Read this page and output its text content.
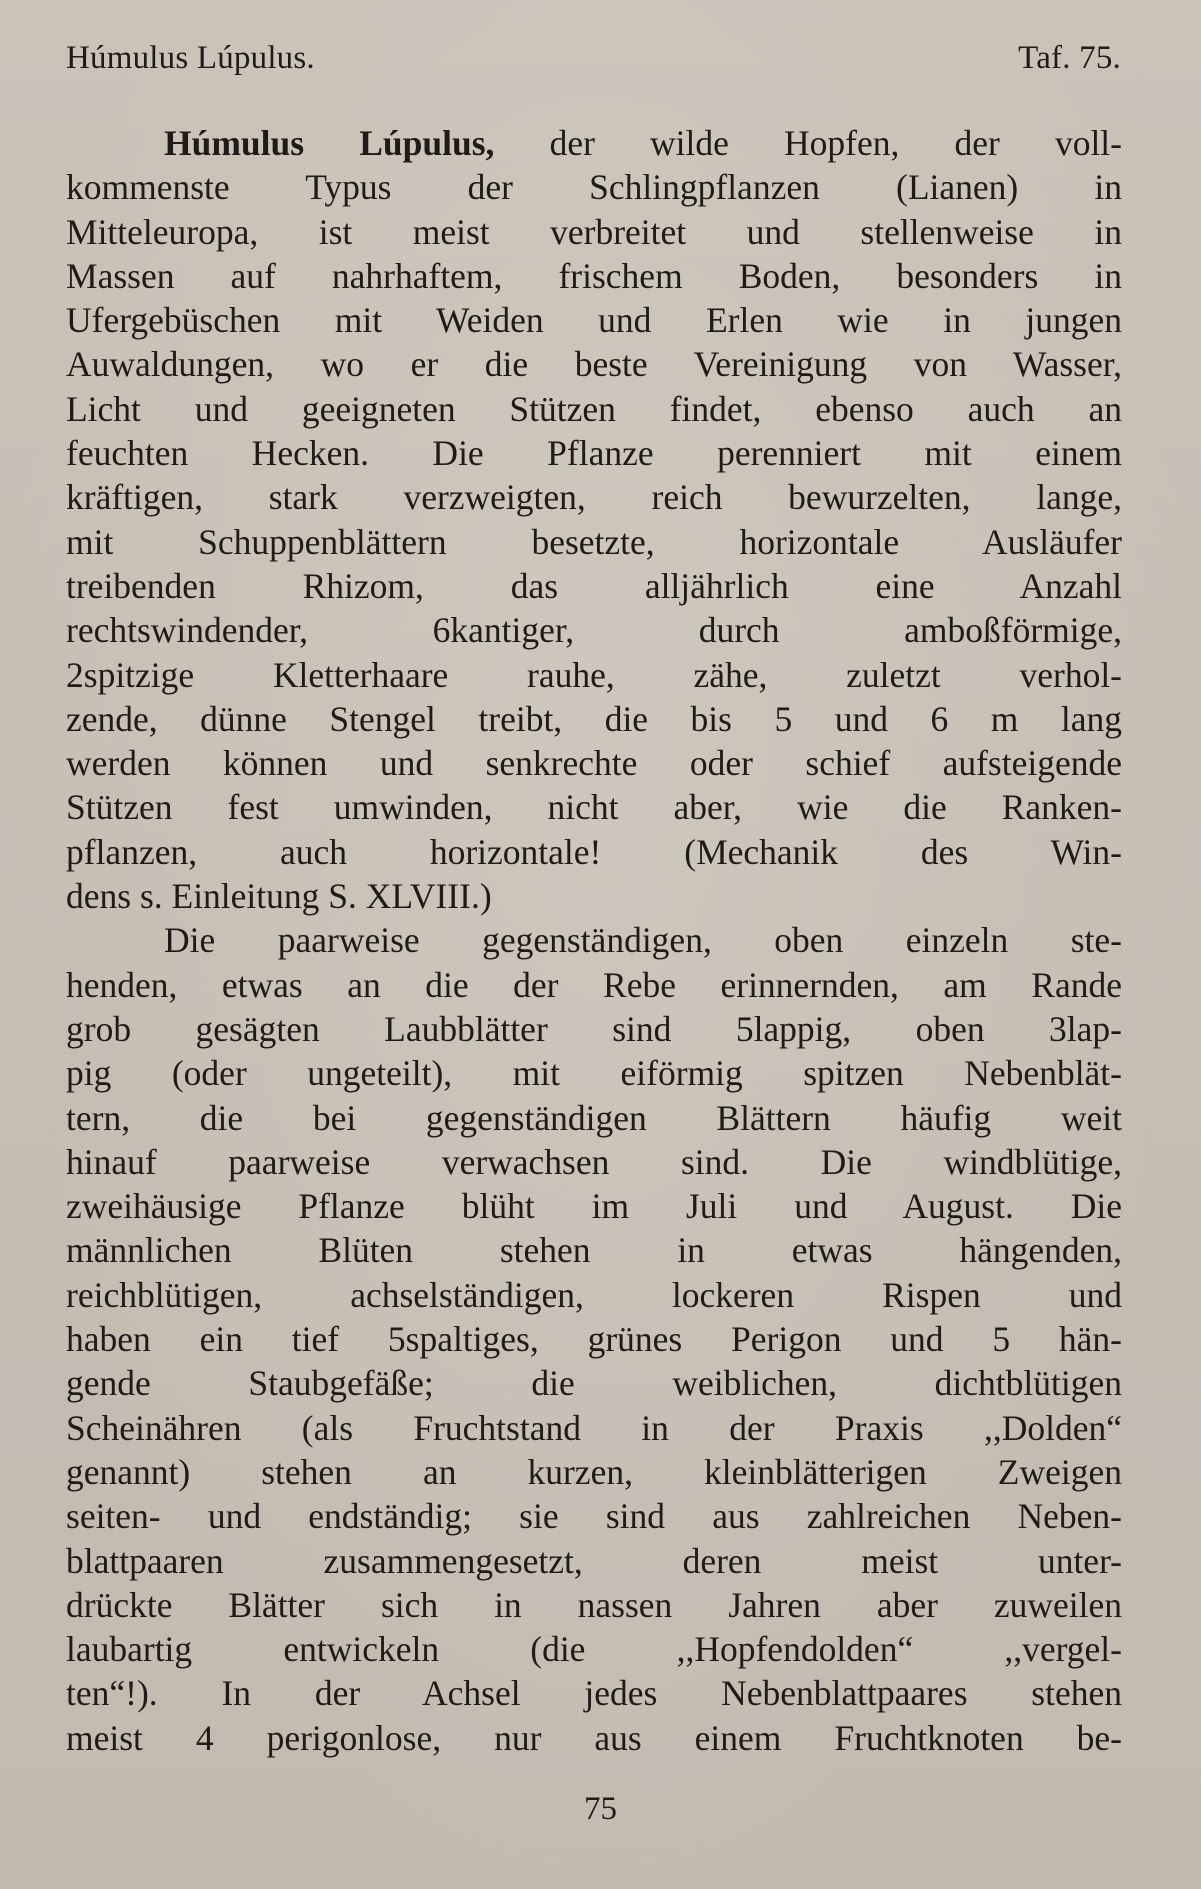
Húmulus Lúpulus.	Taf. 75.
Húmulus Lúpulus, der wilde Hopfen, der voll-
kommenste Typus der Schlingpflanzen (Lianen) in
Mitteleuropa, ist meist verbreitet und stellenweise in
Massen auf nahrhaftem, frischem Boden, besonders in
Ufergebüschen mit Weiden und Erlen wie in jungen
Auwaldungen, wo er die beste Vereinigung von Wasser,
Licht und geeigneten Stützen findet, ebenso auch an
feuchten Hecken. Die Pflanze perenniert mit einem
kräftigen, stark verzweigten, reich bewurzelten, lange,
mit Schuppenblättern besetzte, horizontale Ausläufer
treibenden Rhizom, das alljährlich eine Anzahl
rechtswindender, 6kantiger, durch amboßförmige,
2spitzige Kletterhaare rauhe, zähe, zuletzt verhol-
zende, dünne Stengel treibt, die bis 5 und 6 m lang
werden können und senkrechte oder schief aufsteigende
Stützen fest umwinden, nicht aber, wie die Ranken-
pflanzen, auch horizontale! (Mechanik des Win-
dens s. Einleitung S. XLVIII.)
Die paarweise gegenständigen, oben einzeln ste-
henden, etwas an die der Rebe erinnernden, am Rande
grob gesägten Laubblätter sind 5lappig, oben 3lap-
pig (oder ungeteilt), mit eiförmig spitzen Nebenblät-
tern, die bei gegenständigen Blättern häufig weit
hinauf paarweise verwachsen sind. Die windblütige,
zweihäusige Pflanze blüht im Juli und August. Die
männlichen Blüten stehen in etwas hängenden,
reichblütigen, achselständigen, lockeren Rispen und
haben ein tief 5spaltiges, grünes Perigon und 5 hän-
gende Staubgefäße; die weiblichen, dichtblütigen
Scheinähren (als Fruchtstand in der Praxis ,,Dolden“
genannt) stehen an kurzen, kleinblätterigen Zweigen
seiten- und endständig; sie sind aus zahlreichen Neben-
blattpaaren zusammengesetzt, deren meist unter-
drückte Blätter sich in nassen Jahren aber zuweilen
laubartig entwickeln (die ,,Hopfendolden“ ,,vergel-
ten“!). In der Achsel jedes Nebenblattpaares stehen
meist 4 perigonlose, nur aus einem Fruchtknoten be-
75
